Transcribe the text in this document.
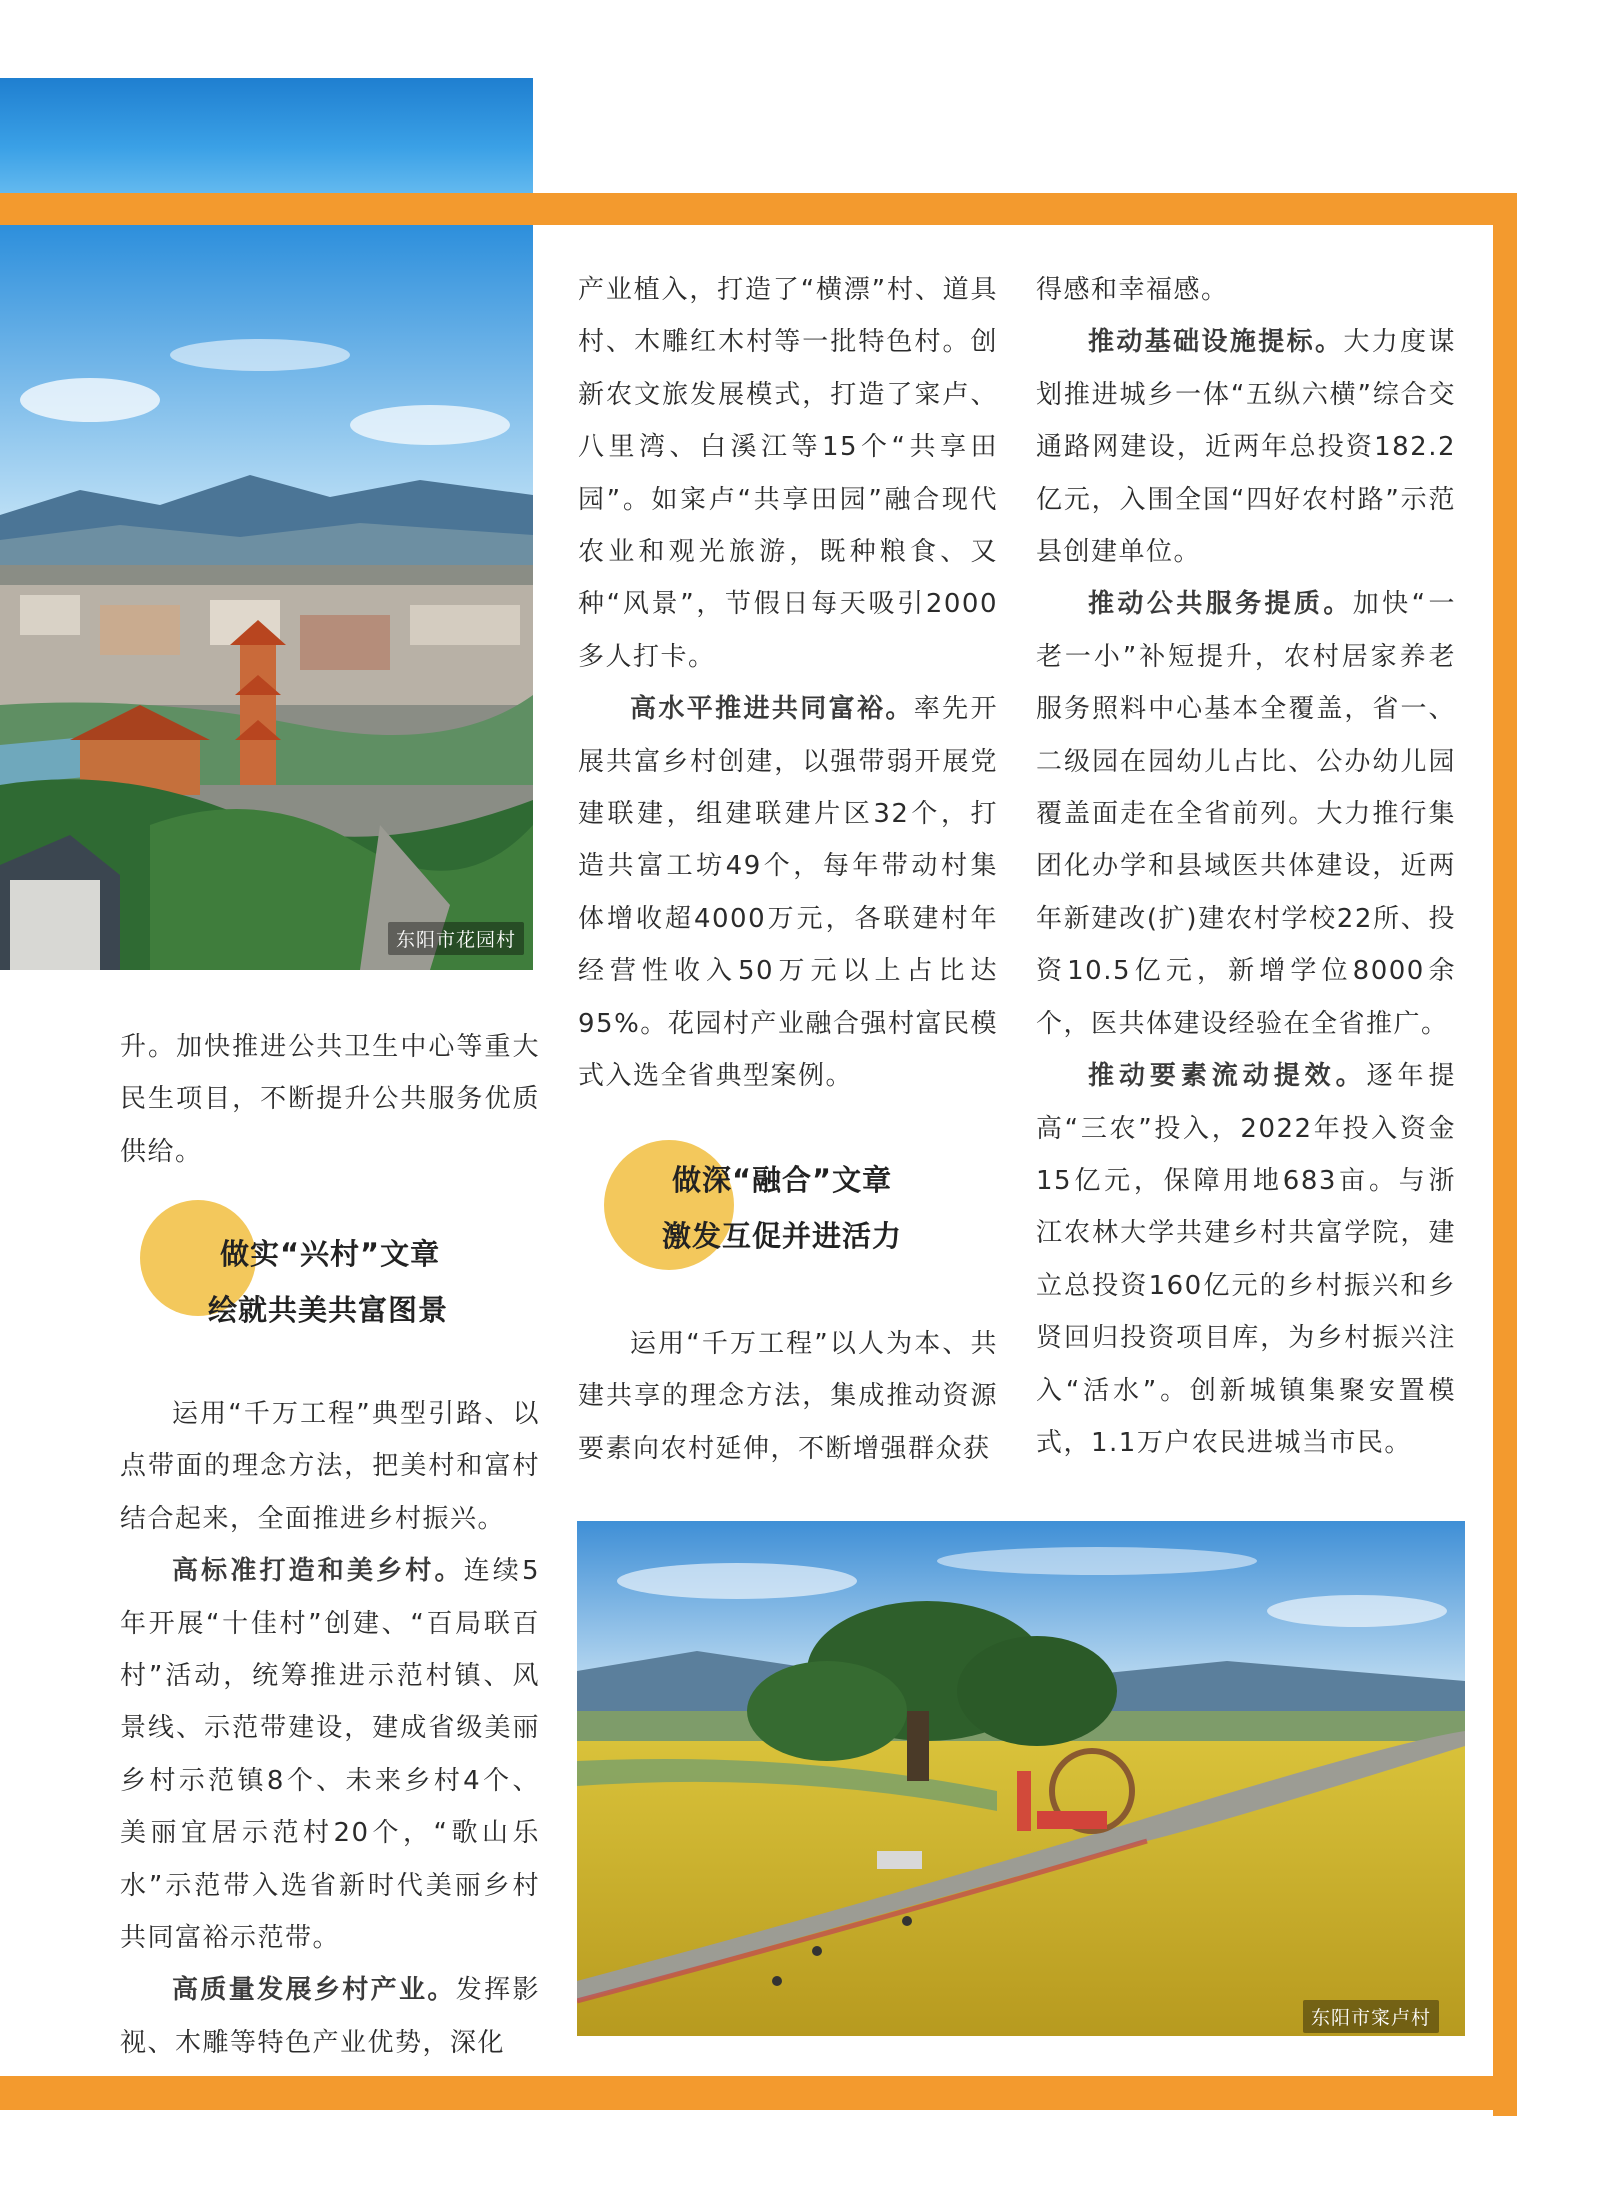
东阳市花园村

升。加快推进公共卫生中心等重大民生项目，不断提升公共服务优质供给。

做实“兴村”文章
绘就共美共富图景

运用“千万工程”典型引路、以点带面的理念方法，把美村和富村结合起来，全面推进乡村振兴。

高标准打造和美乡村。连续5年开展“十佳村”创建、“百局联百村”活动，统筹推进示范村镇、风景线、示范带建设，建成省级美丽乡村示范镇8个、未来乡村4个、美丽宜居示范村20个，“歌山乐水”示范带入选省新时代美丽乡村共同富裕示范带。

高质量发展乡村产业。发挥影视、木雕等特色产业优势，深化

产业植入，打造了“横漂”村、道具村、木雕红木村等一批特色村。创新农文旅发展模式，打造了寀卢、八里湾、白溪江等15个“共享田园”。如寀卢“共享田园”融合现代农业和观光旅游，既种粮食、又种“风景”，节假日每天吸引2000多人打卡。

高水平推进共同富裕。率先开展共富乡村创建，以强带弱开展党建联建，组建联建片区32个，打造共富工坊49个，每年带动村集体增收超4000万元，各联建村年经营性收入50万元以上占比达95%。花园村产业融合强村富民模式入选全省典型案例。

做深“融合”文章
激发互促并进活力

运用“千万工程”以人为本、共建共享的理念方法，集成推动资源要素向农村延伸，不断增强群众获

得感和幸福感。

推动基础设施提标。大力度谋划推进城乡一体“五纵六横”综合交通路网建设，近两年总投资182.2亿元，入围全国“四好农村路”示范县创建单位。

推动公共服务提质。加快“一老一小”补短提升，农村居家养老服务照料中心基本全覆盖，省一、二级园在园幼儿占比、公办幼儿园覆盖面走在全省前列。大力推行集团化办学和县域医共体建设，近两年新建改(扩)建农村学校22所、投资10.5亿元，新增学位8000余个，医共体建设经验在全省推广。

推动要素流动提效。逐年提高“三农”投入，2022年投入资金15亿元，保障用地683亩。与浙江农林大学共建乡村共富学院，建立总投资160亿元的乡村振兴和乡贤回归投资项目库，为乡村振兴注入“活水”。创新城镇集聚安置模式，1.1万户农民进城当市民。

东阳市寀卢村
